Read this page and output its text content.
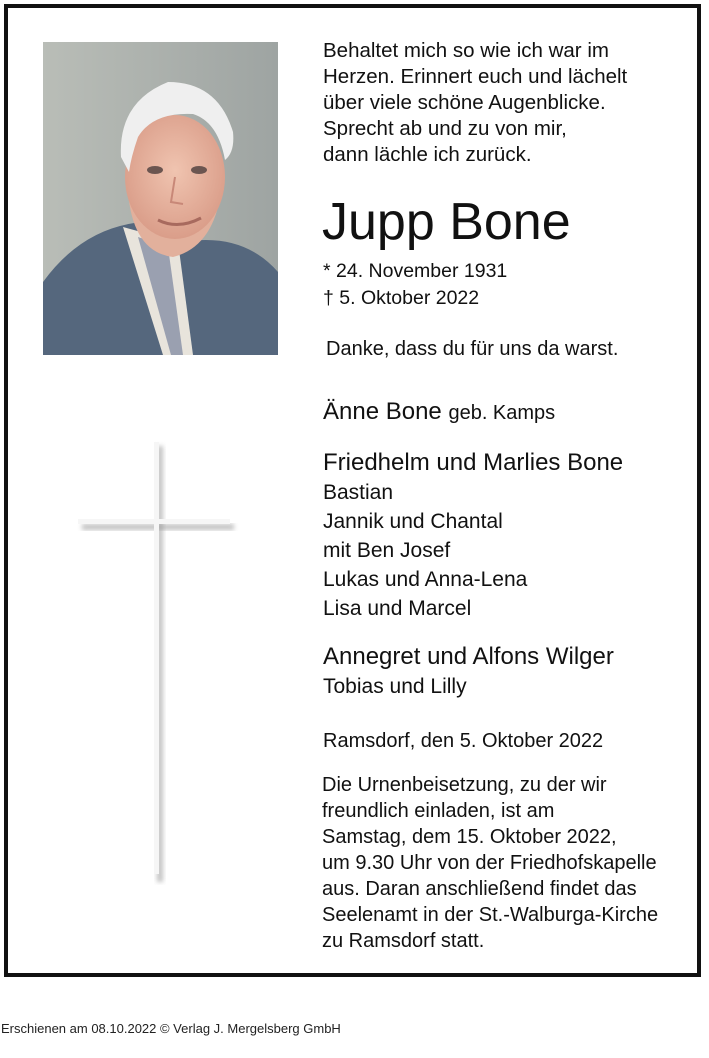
Behaltet mich so wie ich war im
Herzen. Erinnert euch und lächelt
über viele schöne Augenblicke.
Sprecht ab und zu von mir,
dann lächle ich zurück.
Jupp Bone
* 24. November 1931
† 5. Oktober 2022
Danke, dass du für uns da warst.
Änne Bone geb. Kamps
Friedhelm und Marlies Bone
Bastian
Jannik und Chantal
mit Ben Josef
Lukas und Anna-Lena
Lisa und Marcel
Annegret und Alfons Wilger
Tobias und Lilly
Ramsdorf, den 5. Oktober 2022
Die Urnenbeisetzung, zu der wir
freundlich einladen, ist am
Samstag, dem 15. Oktober 2022,
um 9.30 Uhr von der Friedhofskapelle
aus. Daran anschließend findet das
Seelenamt in der St.-Walburga-Kirche
zu Ramsdorf statt.
Erschienen am 08.10.2022 © Verlag J. Mergelsberg GmbH
